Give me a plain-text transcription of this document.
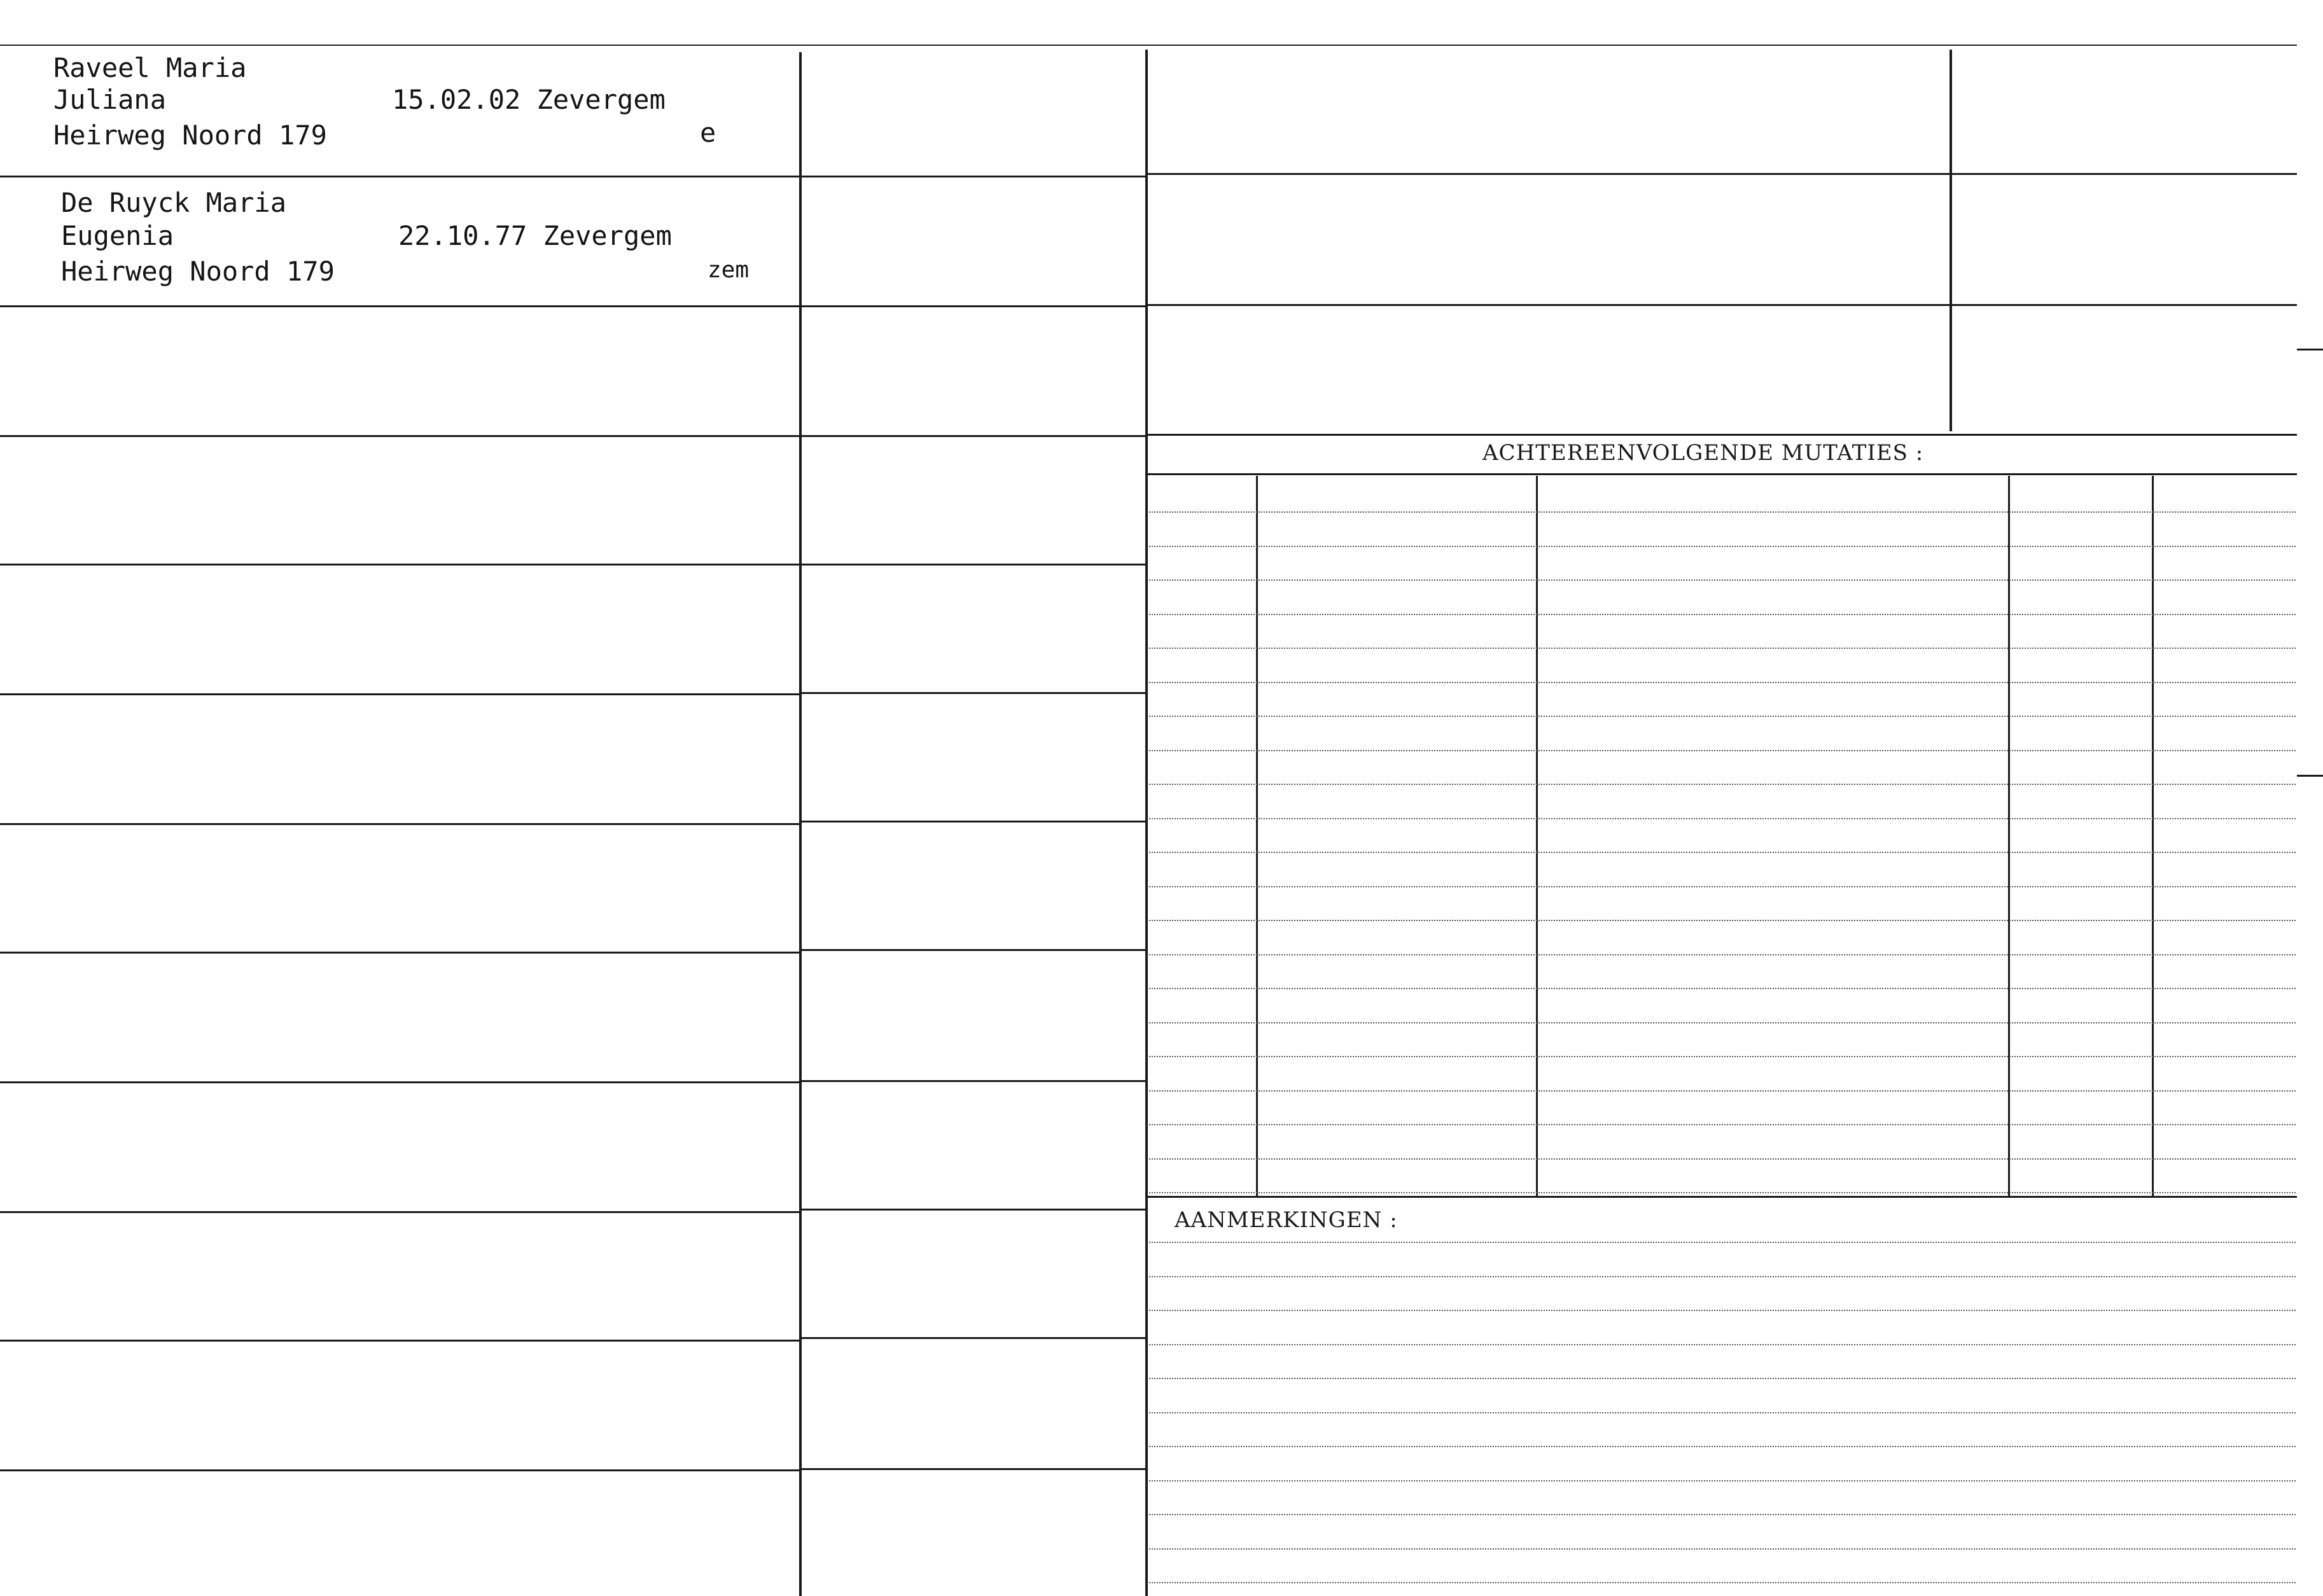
Raveel Maria
Juliana
Heirweg Noord 179
15.02.02 Zevergem
e
De Ruyck Maria
Eugenia
Heirweg Noord 179
22.10.77 Zevergem
zem
ACHTEREENVOLGENDE MUTATIES :
AANMERKINGEN :
